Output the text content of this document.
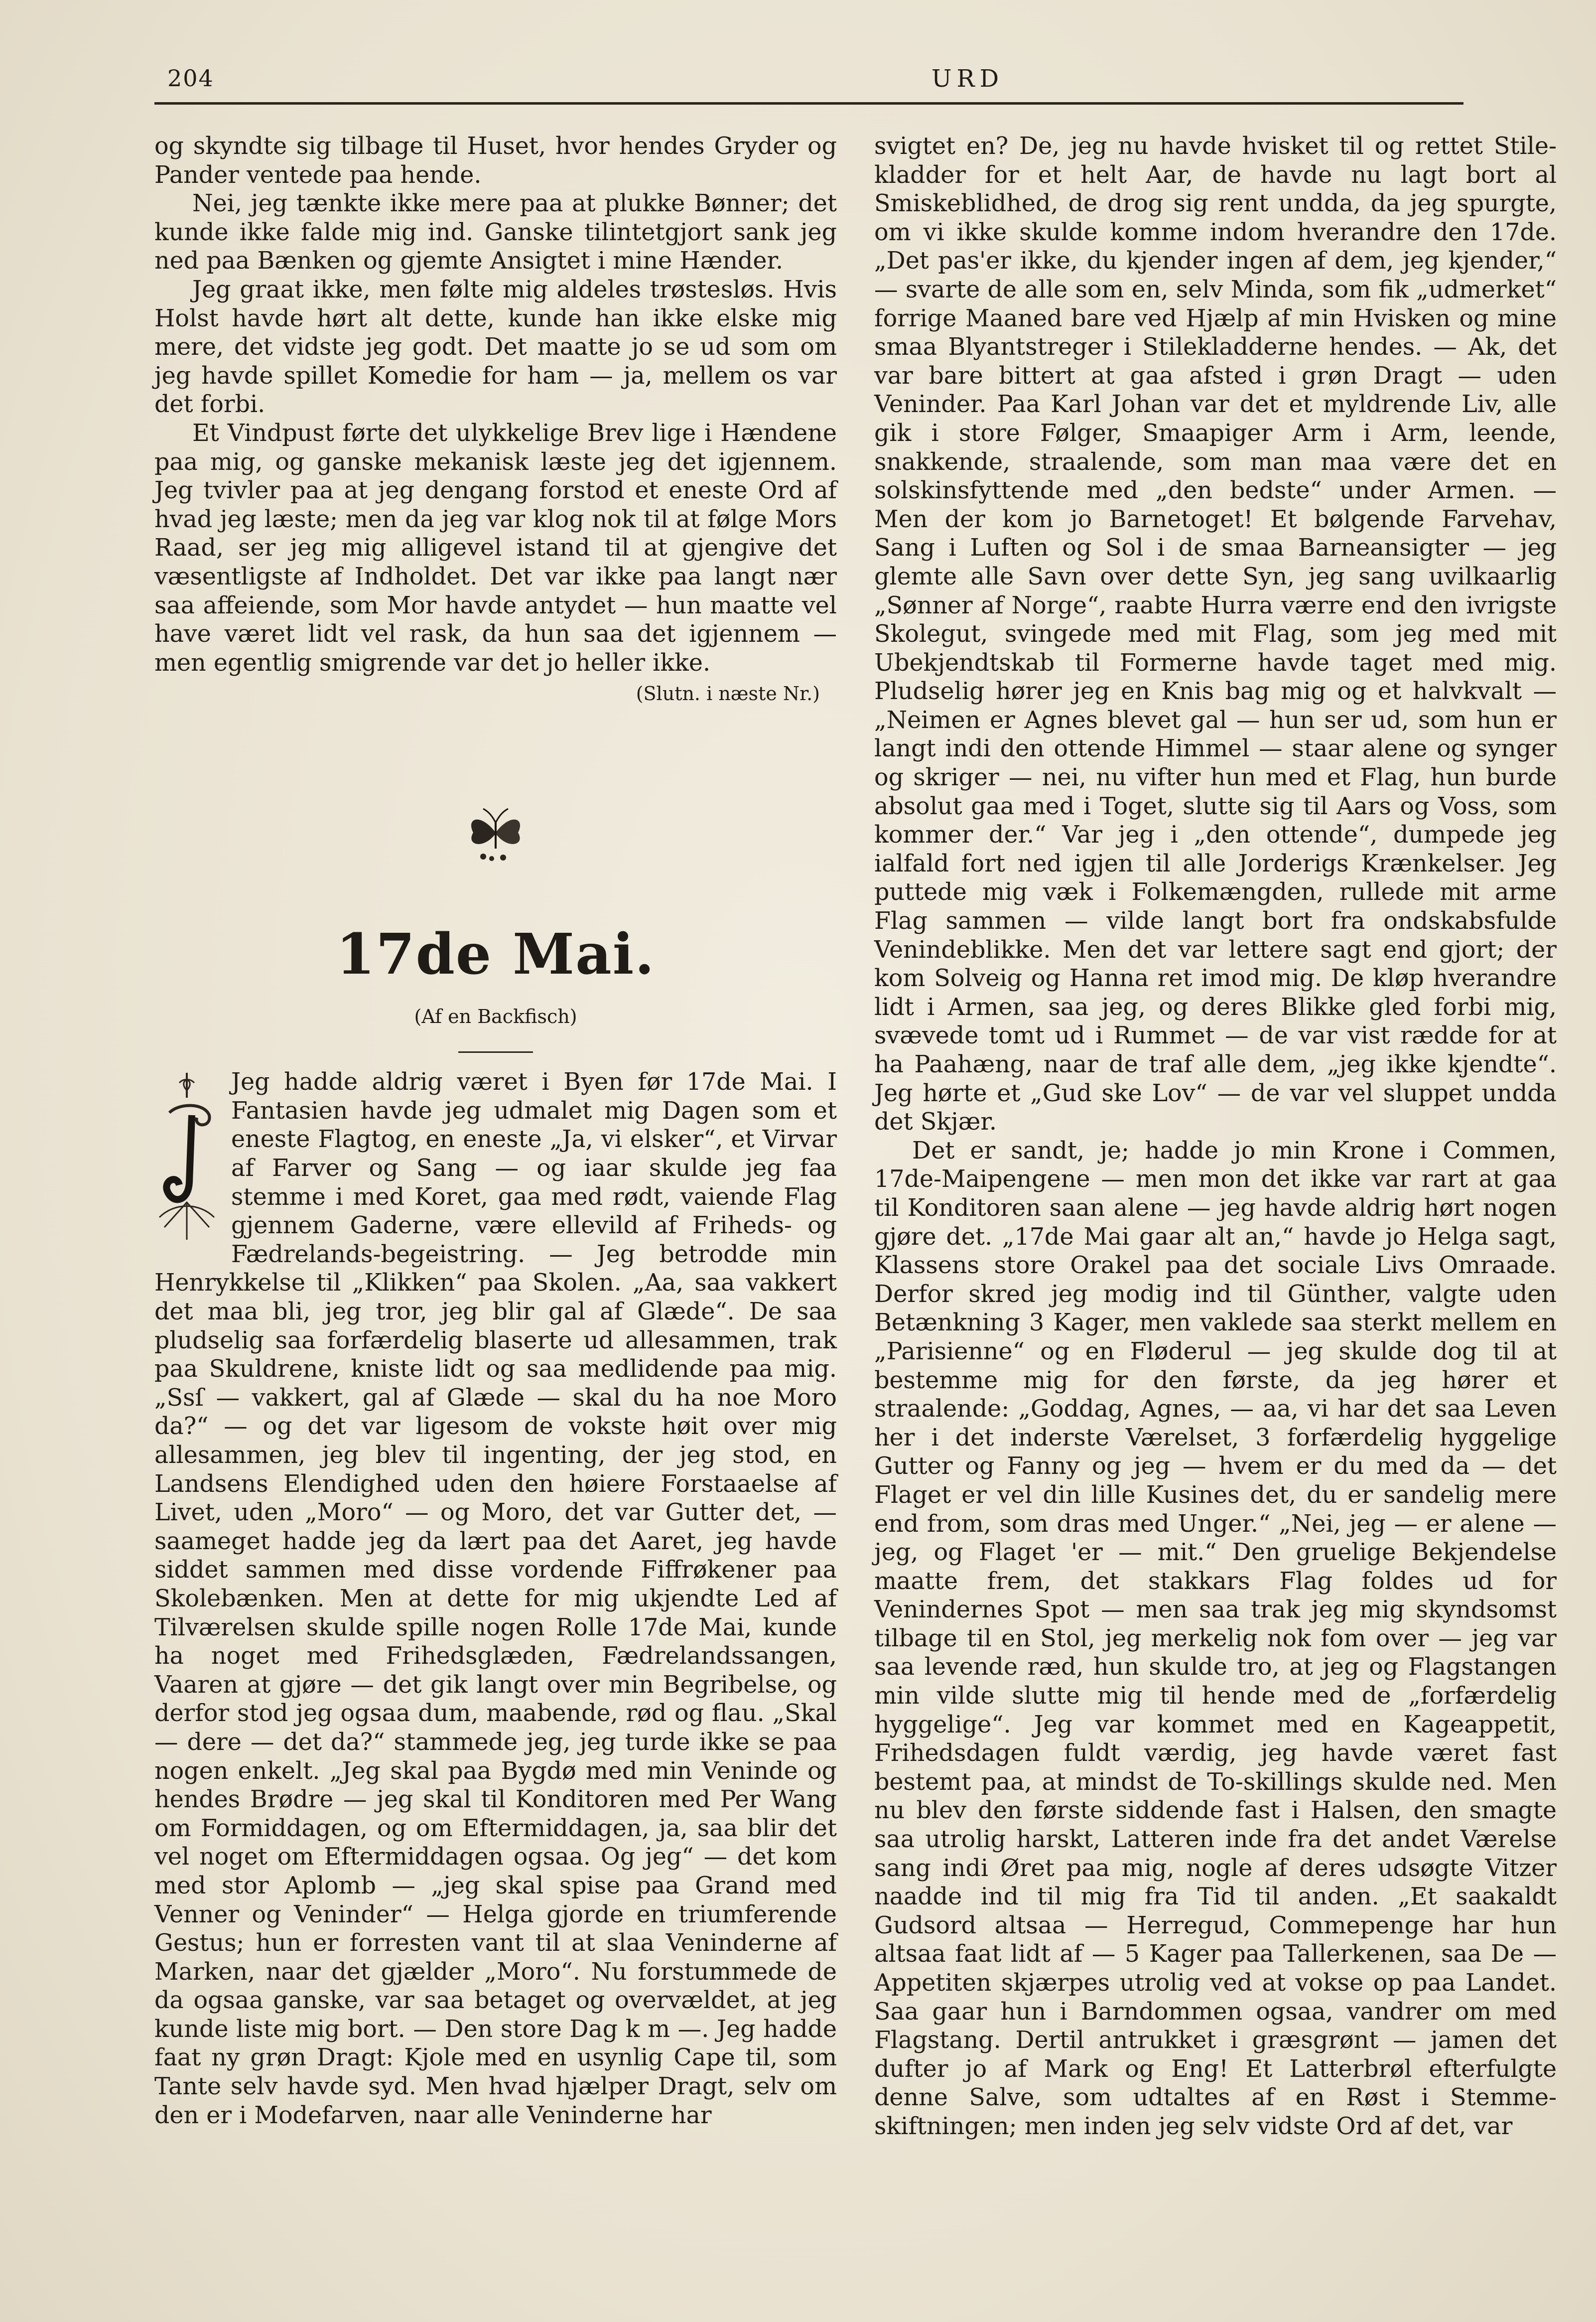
204	URD

og skyndte sig tilbage til Huset, hvor hendes Gryder og Pander ventede paa hende.

Nei, jeg tænkte ikke mere paa at plukke Bønner; det kunde ikke falde mig ind. Ganske tilintetgjort sank jeg ned paa Bænken og gjemte Ansigtet i mine Hænder.

Jeg graat ikke, men følte mig aldeles trøstesløs. Hvis Holst havde hørt alt dette, kunde han ikke elske mig mere, det vidste jeg godt. Det maatte jo se ud som om jeg havde spillet Komedie for ham — ja, mellem os var det forbi.

Et Vindpust førte det ulykkelige Brev lige i Hændene paa mig, og ganske mekanisk læste jeg det igjennem. Jeg tvivler paa at jeg dengang forstod et eneste Ord af hvad jeg læste; men da jeg var klog nok til at følge Mors Raad, ser jeg mig alligevel istand til at gjengive det væsentligste af Indholdet. Det var ikke paa langt nær saa affeiende, som Mor havde antydet — hun maatte vel have været lidt vel rask, da hun saa det igjennem — men egentlig smigrende var det jo heller ikke.

(Slutn. i næste Nr.)

17de Mai.
(Af en Backfisch)

Jeg hadde aldrig været i Byen før 17de Mai. I Fantasien havde jeg udmalet mig Dagen som et eneste Flagtog, en eneste „Ja, vi elsker“, et Virvar af Farver og Sang — og iaar skulde jeg faa stemme i med Koret, gaa med rødt, vaiende Flag gjennem Gaderne, være ellevild af Friheds- og Fædrelands-begeistring. — Jeg betrodde min Henrykkelse til „Klikken“ paa Skolen. „Aa, saa vakkert det maa bli, jeg tror, jeg blir gal af Glæde“. De saa pludselig saa forfærdelig blaserte ud allesammen, trak paa Skuldrene, knistе lidt og saa medlidende paa mig. „Ssſ — vakkert, gal af Glæde — skal du ha noe Moro da?“ — og det var ligesom de vokste høit over mig allesammen, jeg blev til ingenting, der jeg stod, en Landsens Elendighed uden den høiere Forstaaelse af Livet, uden „Moro“ — og Moro, det var Gutter det, — saameget hadde jeg da lært paa det Aaret, jeg havde siddet sammen med disse vordende Fiffrøkener paa Skolebænken. Men at dette for mig ukjendte Led af Tilværelsen skulde spille nogen Rolle 17de Mai, kunde ha noget med Frihedsglæden, Fædrelandssangen, Vaaren at gjøre — det gik langt over min Begribelse, og derfor stod jeg ogsaa dum, maabende, rød og flau. „Skal — dere — det da?“ stammede jeg, jeg turde ikke se paa nogen enkelt. „Jeg skal paa Bygdø med min Veninde og hendes Brødre — jeg skal til Konditoren med Per Wang om Formiddagen, og om Eftermiddagen, ja, saa blir det vel noget om Eftermiddagen ogsaa. Og jeg“ — det kom med stor Aplomb — „jeg skal spise paa Grand med Venner og Veninder“ — Helga gjorde en triumferende Gestus; hun er forresten vant til at slaa Veninderne af Marken, naar det gjælder „Moro“. Nu forstummede de da ogsaa ganske, var saa betaget og overvældet, at jeg kunde liste mig bort. — Den store Dag k m —. Jeg hadde faat ny grøn Dragt: Kjole med en usynlig Cape til, som Tante selv havde syd. Men hvad hjælper Dragt, selv om den er i Modefarven, naar alle Veninderne har

svigtet en? De, jeg nu havde hvisket til og rettet Stile-kladder for et helt Aar, de havde nu lagt bort al Smiskeblidhed, de drog sig rent undda, da jeg spurgte, om vi ikke skulde komme indom hverandre den 17de. „Det pas'er ikke, du kjender ingen af dem, jeg kjender,“ — svarte de alle som en, selv Minda, som fik „udmerket“ forrige Maaned bare ved Hjælp af min Hvisken og mine smaa Blyantstreger i Stilekladderne hendes. — Ak, det var bare bittert at gaa afsted i grøn Dragt — uden Veninder. Paa Karl Johan var det et myldrende Liv, alle gik i store Følger, Smaapiger Arm i Arm, leende, snakkende, straalende, som man maa være det en solskinsfyttende med „den bedste“ under Armen. — Men der kom jo Barnetoget! Et bølgende Farvehav, Sang i Luften og Sol i de smaa Barneansigter — jeg glemte alle Savn over dette Syn, jeg sang uvilkaarlig „Sønner af Norge“, raabte Hurra værre end den ivrigste Skolegut, svingede med mit Flag, som jeg med mit Ubekjendtskab til Formerne havde taget med mig. Pludselig hører jeg en Knis bag mig og et halvkvalt — „Neimen er Agnes blevet gal — hun ser ud, som hun er langt indi den ottende Himmel — staar alene og synger og skriger — nei, nu vifter hun med et Flag, hun burde absolut gaa med i Toget, slutte sig til Aars og Voss, som kommer der.“ Var jeg i „den ottende“, dumpede jeg ialfald fort ned igjen til alle Jorderigs Krænkelser. Jeg puttede mig væk i Folkemængden, rullede mit arme Flag sammen — vilde langt bort fra ondskabsfulde Venindeblikke. Men det var lettere sagt end gjort; der kom Solveig og Hanna ret imod mig. De kløp hverandre lidt i Armen, saa jeg, og deres Blikke gled forbi mig, svævede tomt ud i Rummet — de var vist rædde for at ha Paahæng, naar de traf alle dem, „jeg ikke kjendte“. Jeg hørte et „Gud ske Lov“ — de var vel sluppet undda det Skjær.

Det er sandt, je; hadde jo min Krone i Commen, 17de-Maipengene — men mon det ikke var rart at gaa til Konditoren saan alene — jeg havde aldrig hørt nogen gjøre det. „17de Mai gaar alt an,“ havde jo Helga sagt, Klassens store Orakel paa det sociale Livs Omraade. Derfor skred jeg modig ind til Günther, valgte uden Betænkning 3 Kager, men vaklede saa sterkt mellem en „Parisienne“ og en Fløderul — jeg skulde dog til at bestemme mig for den første, da jeg hører et straalende: „Goddag, Agnes, — aa, vi har det saa Leven her i det inderste Værelset, 3 forfærdelig hyggelige Gutter og Fanny og jeg — hvem er du med da — det Flaget er vel din lille Kusines det, du er sandelig mere end from, som dras med Unger.“ „Nei, jeg — er alene — jeg, og Flaget 'er — mit.“ Den gruelige Bekjendelse maatte frem, det stakkars Flag foldes ud for Venindernes Spot — men saa trak jeg mig skyndsomst tilbage til en Stol, jeg merkelig nok fom over — jeg var saa levende ræd, hun skulde tro, at jeg og Flagstangen min vilde slutte mig til hende med de „forfærdelig hyggelige“. Jeg var kommet med en Kageappetit, Frihedsdagen fuldt værdig, jeg havde været fast bestemt paa, at mindst de To-skillings skulde ned. Men nu blev den første siddende fast i Halsen, den smagte saa utrolig harskt, Latteren inde fra det andet Værelse sang indi Øret paa mig, nogle af deres udsøgte Vitzer naadde ind til mig fra Tid til anden. „Et saakaldt Gudsord altsaa — Herregud, Commepenge har hun altsaa faat lidt af — 5 Kager paa Tallerkenen, saa De — Appetiten skjærpes utrolig ved at vokse op paa Landet. Saa gaar hun i Barndommen ogsaa, vandrer om med Flagstang. Dertil antrukket i græsgrønt — jamen det dufter jo af Mark og Eng! Et Latterbrøl efterfulgte denne Salve, som udtaltes af en Røst i Stemme-skiftningen; men inden jeg selv vidste Ord af det, var
